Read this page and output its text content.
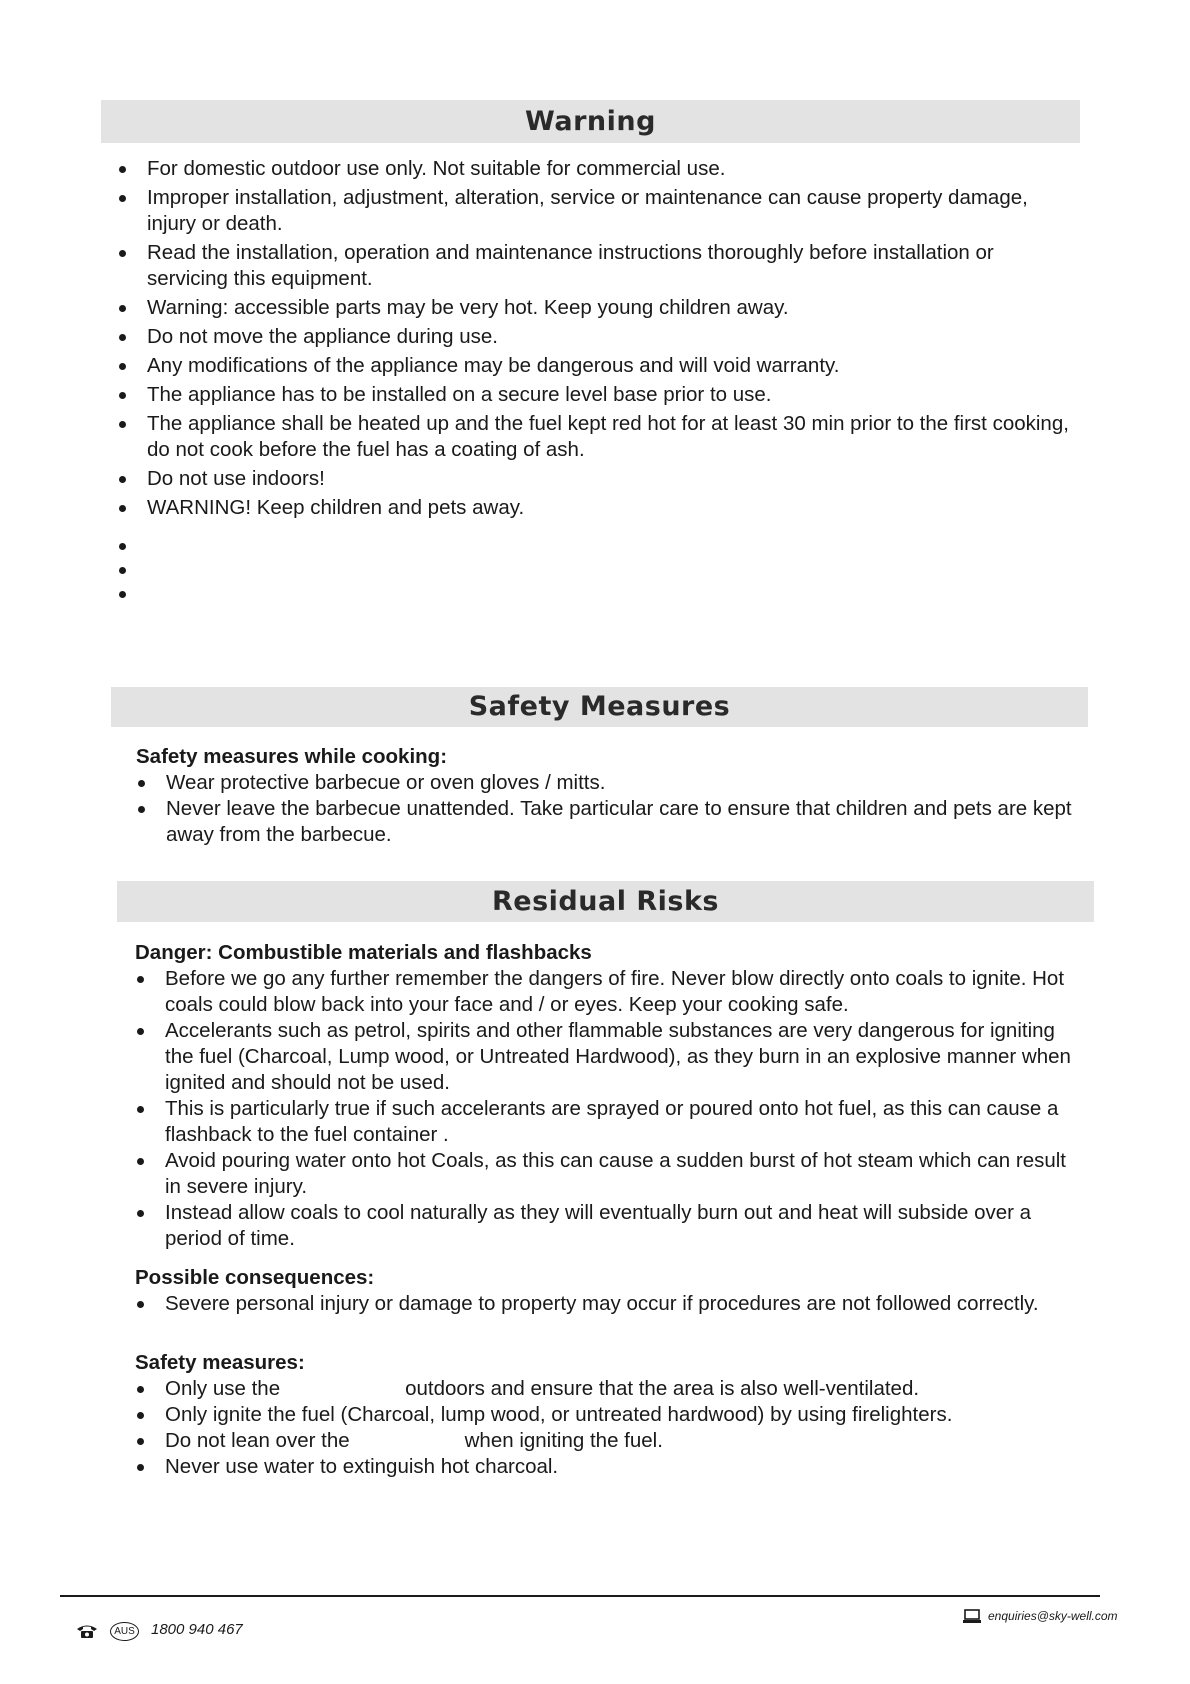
Warning
For domestic outdoor use only. Not suitable for commercial use.
Improper installation, adjustment, alteration, service or maintenance can cause property damage, injury or death.
Read the installation, operation and maintenance instructions thoroughly before installation or servicing this equipment.
Warning: accessible parts may be very hot. Keep young children away.
Do not move the appliance during use.
Any modifications of the appliance may be dangerous and will void warranty.
The appliance has to be installed on a secure level base prior to use.
The appliance shall be heated up and the fuel kept red hot for at least 30 min prior to the first cooking, do not cook before the fuel has a coating of ash.
Do not use indoors!
WARNING! Keep children and pets away.
Safety Measures
Safety measures while cooking:
Wear protective barbecue or oven gloves / mitts.
Never leave the barbecue unattended. Take particular care to ensure that children and pets are kept away from the barbecue.
Residual Risks
Danger: Combustible materials and flashbacks
Before we go any further remember the dangers of fire. Never blow directly onto coals to ignite. Hot coals could blow back into your face and / or eyes. Keep your cooking safe.
Accelerants such as petrol, spirits and other flammable substances are very dangerous for igniting the fuel (Charcoal, Lump wood, or Untreated Hardwood), as they burn in an explosive manner when ignited and should not be used.
This is particularly true if such accelerants are sprayed or poured onto hot fuel, as this can cause a flashback to the fuel container .
Avoid pouring water onto hot Coals, as this can cause a sudden burst of hot steam which can result in severe injury.
Instead allow coals to cool naturally as they will eventually burn out and heat will subside over a period of time.
Possible consequences:
Severe personal injury or damage to property may occur if procedures are not followed correctly.
Safety measures:
Only use the	outdoors and ensure that the area is also well-ventilated.
Only ignite the fuel (Charcoal, lump wood, or untreated hardwood) by using firelighters.
Do not lean over the	when igniting the fuel.
Never use water to extinguish hot charcoal.
AUS 1800 940 467
enquiries@sky-well.com
